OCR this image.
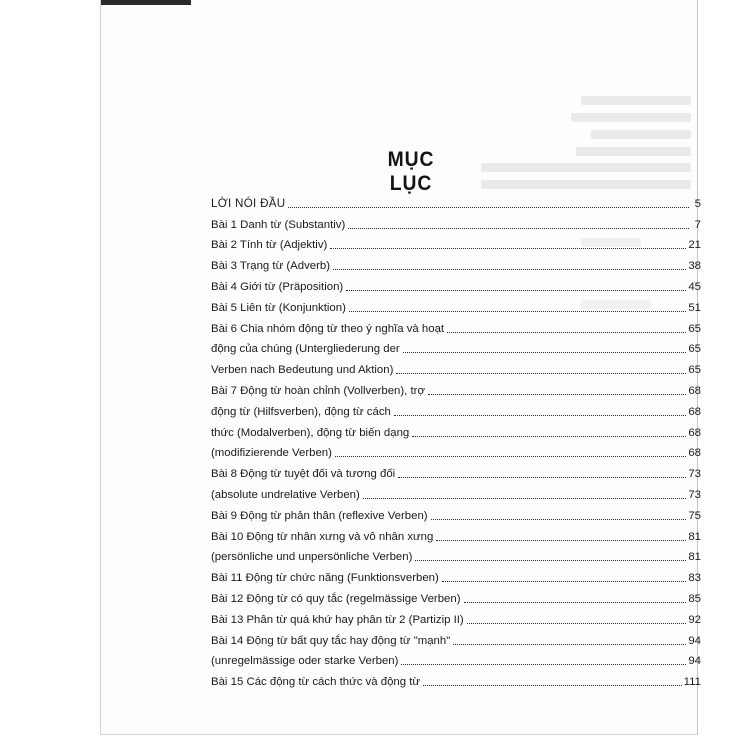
MỤC LỤC
LỜI NÓI ĐẦU	5
Bài 1 Danh từ (Substantiv)	7
Bài 2 Tính từ (Adjektiv)	21
Bài 3 Trạng từ (Adverb)	38
Bài 4 Giới từ (Präposition)	45
Bài 5 Liên từ (Konjunktion)	51
Bài 6 Chia nhóm động từ theo ý nghĩa và hoạt	65
động của chúng (Untergliederung der	65
Verben nach Bedeutung und Aktion)	65
Bài 7 Động từ hoàn chỉnh (Vollverben), trợ	68
động từ (Hilfsverben), động từ cách	68
thức (Modalverben), động từ biến dạng	68
(modifizierende Verben)	68
Bài 8 Động từ tuyệt đối và tương đối	73
(absolute undrelative Verben)	73
Bài 9 Động từ phản thân (reflexive Verben)	75
Bài 10 Động từ nhân xưng và vô nhân xưng	81
(persönliche und unpersönliche Verben)	81
Bài 11 Động từ chức năng (Funktionsverben)	83
Bài 12 Động từ có quy tắc (regelmässige Verben)	85
Bài 13 Phân từ quá khứ hay phân từ 2 (Partizip II)	92
Bài 14 Động từ bất quy tắc hay động từ "mạnh"	94
(unregelmässige oder starke Verben)	94
Bài 15 Các động từ cách thức và động từ	111
